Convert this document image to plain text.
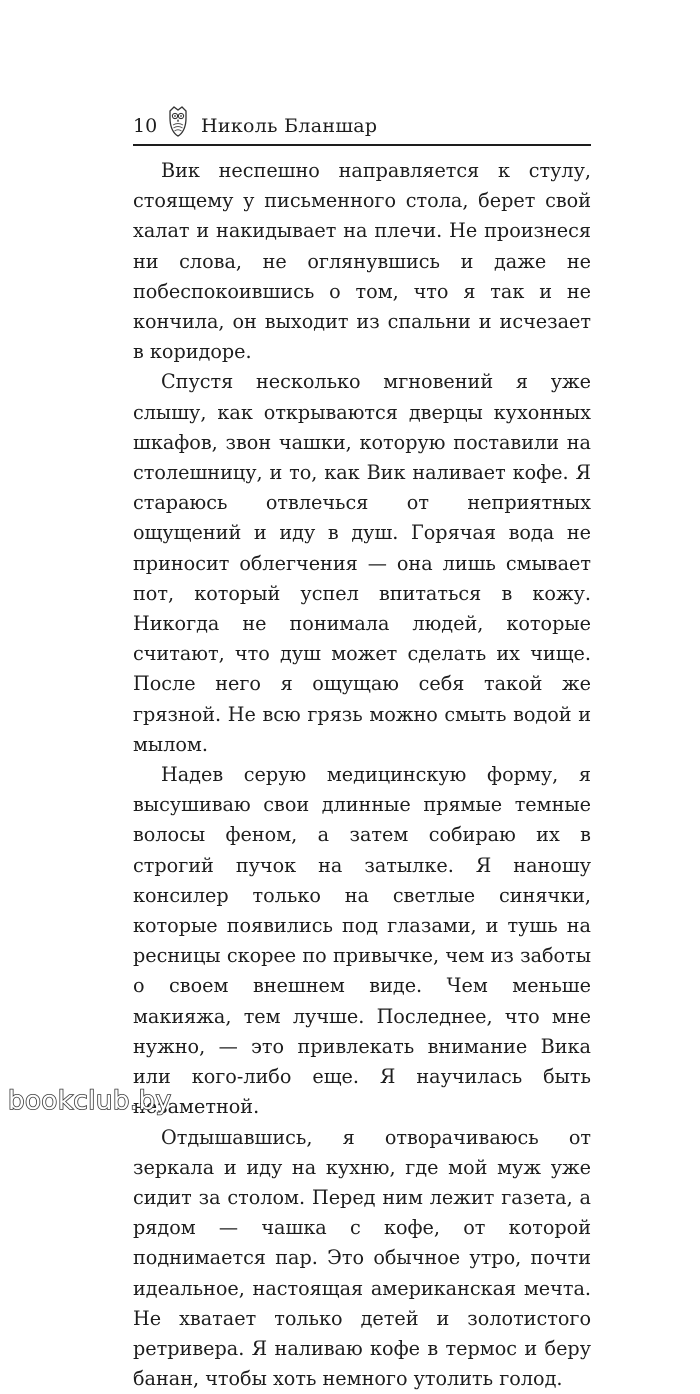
10 Николь Бланшар

Вик неспешно направляется к стулу, стоящему у письменного стола, берет свой халат и накидывает на плечи. Не произнеся ни слова, не оглянувшись и даже не побеспокоившись о том, что я так и не кончила, он выходит из спальни и исчезает в коридоре.

Спустя несколько мгновений я уже слышу, как открываются дверцы кухонных шкафов, звон чашки, которую поставили на столешницу, и то, как Вик наливает кофе. Я стараюсь отвлечься от неприятных ощущений и иду в душ. Горячая вода не приносит облегчения — она лишь смывает пот, который успел впитаться в кожу. Никогда не понимала людей, которые считают, что душ может сделать их чище. После него я ощущаю себя такой же грязной. Не всю грязь можно смыть водой и мылом.

Надев серую медицинскую форму, я высушиваю свои длинные прямые темные волосы феном, а затем собираю их в строгий пучок на затылке. Я наношу консилер только на светлые синячки, которые появились под глазами, и тушь на ресницы скорее по привычке, чем из заботы о своем внешнем виде. Чем меньше макияжа, тем лучше. Последнее, что мне нужно, — это привлекать внимание Вика или кого-либо еще. Я научилась быть незаметной.

Отдышавшись, я отворачиваюсь от зеркала и иду на кухню, где мой муж уже сидит за столом. Перед ним лежит газета, а рядом — чашка с кофе, от которой поднимается пар. Это обычное утро, почти идеальное, настоящая американская мечта. Не хватает только детей и золотистого ретривера. Я наливаю кофе в термос и беру банан, чтобы хоть немного утолить голод.

bookclub.by
